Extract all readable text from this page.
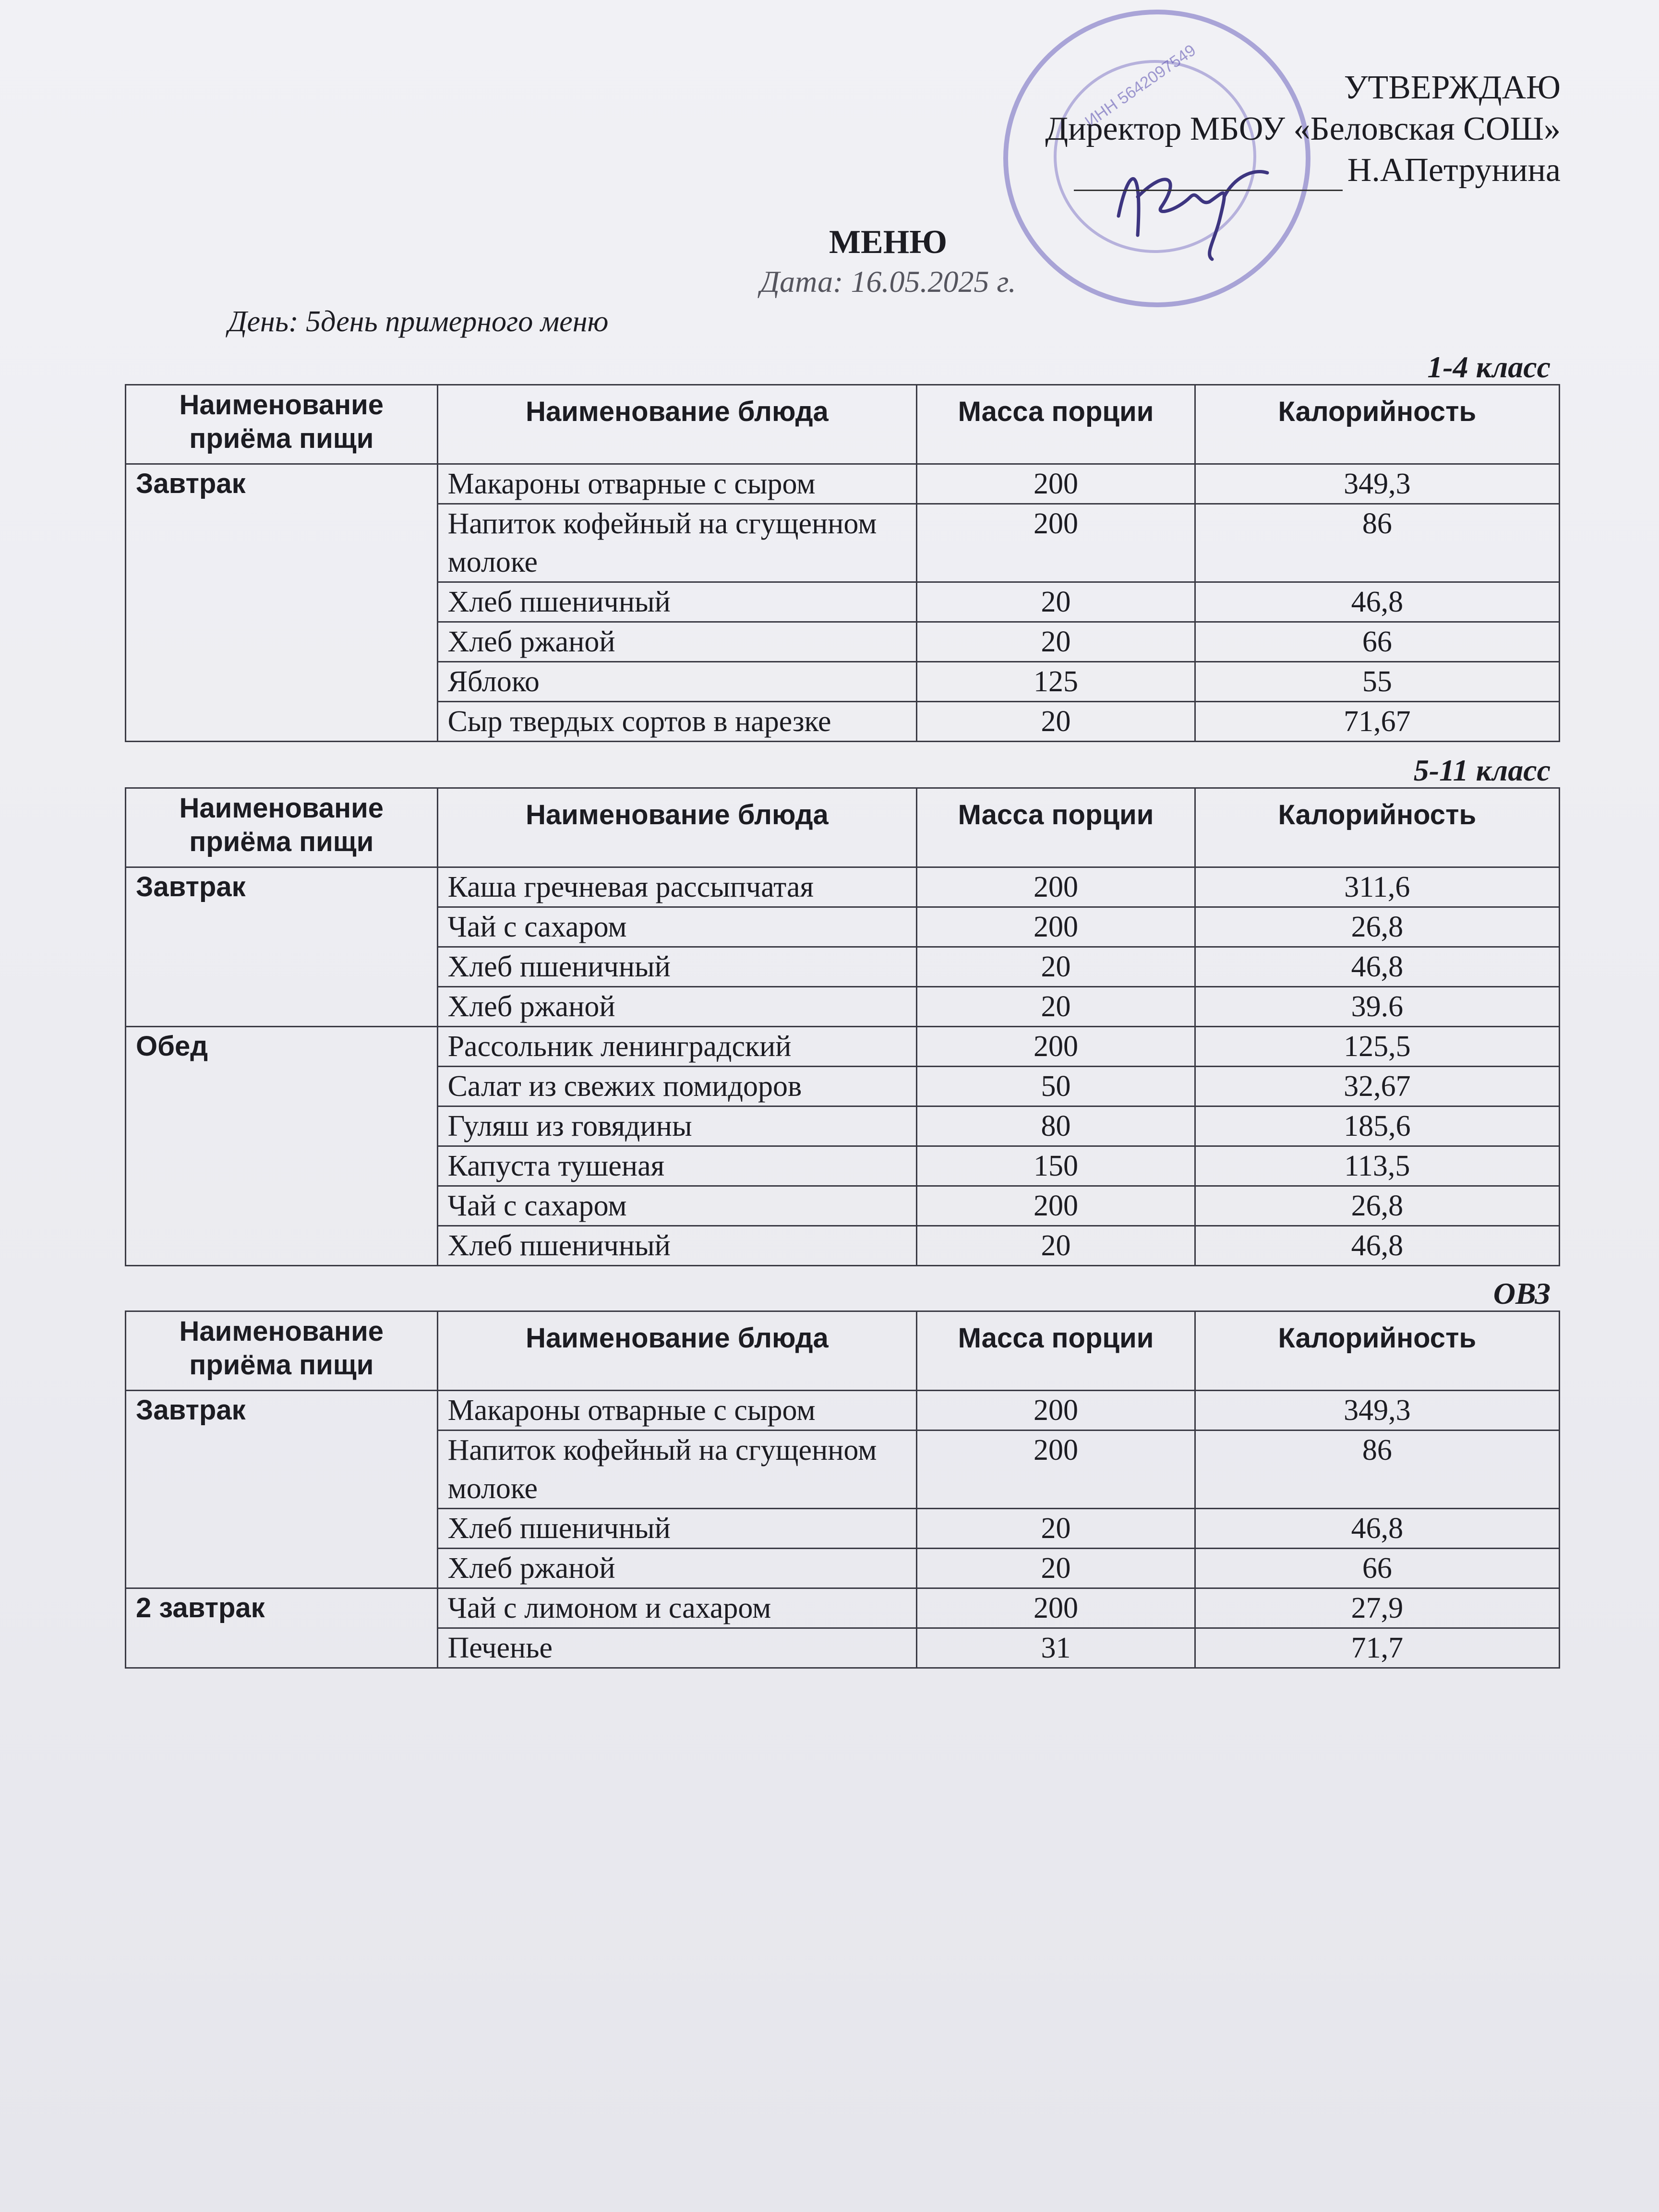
ИНН 5642097549	УТВЕРЖДАЮ
Директор МБОУ «Беловская СОШ»
Н.АПетрунина
МЕНЮ
Дата: 16.05.2025 г.
День: 5день примерного меню
1-4 класс
Наименование
приёма пищи	Наименование блюда	Масса порции	Калорийность
Завтрак	Макароны отварные с сыром	200	349,3
	Напиток кофейный на сгущенном молоке	200	86
	Хлеб пшеничный	20	46,8
	Хлеб ржаной	20	66
	Яблоко	125	55
	Сыр твердых сортов в нарезке	20	71,67
5-11 класс
Наименование
приёма пищи	Наименование блюда	Масса порции	Калорийность
Завтрак	Каша гречневая рассыпчатая	200	311,6
	Чай с сахаром	200	26,8
	Хлеб пшеничный	20	46,8
	Хлеб ржаной	20	39.6
Обед	Рассольник ленинградский	200	125,5
	Салат из свежих помидоров	50	32,67
	Гуляш из говядины	80	185,6
	Капуста тушеная	150	113,5
	Чай с сахаром	200	26,8
	Хлеб пшеничный	20	46,8
ОВЗ
Наименование
приёма пищи	Наименование блюда	Масса порции	Калорийность
Завтрак	Макароны отварные с сыром	200	349,3
	Напиток кофейный на сгущенном молоке	200	86
	Хлеб пшеничный	20	46,8
	Хлеб ржаной	20	66
2 завтрак	Чай с лимоном и сахаром	200	27,9
	Печенье	31	71,7
